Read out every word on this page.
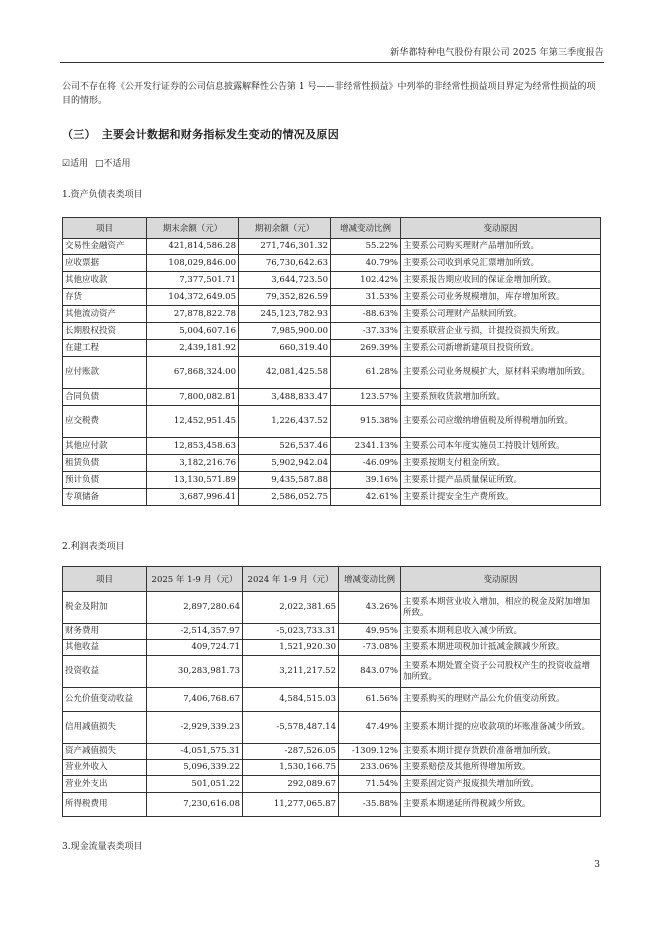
新华都特种电气股份有限公司 2025 年第三季度报告
公司不存在将《公开发行证券的公司信息披露解释性公告第 1 号——非经常性损益》中列举的非经常性损益项目界定为经常性损益的项目的情形。
（三）　主要会计数据和财务指标发生变动的情况及原因
☑适用 □不适用
1.资产负债表类项目
项目	期末余额（元）	期初余额（元）	增减变动比例	变动原因
交易性金融资产	421,814,586.28	271,746,301.32	55.22%	主要系公司购买理财产品增加所致。
应收票据	108,029,846.00	76,730,642.63	40.79%	主要系公司收到承兑汇票增加所致。
其他应收款	7,377,501.71	3,644,723.50	102.42%	主要系报告期应收回的保证金增加所致。
存货	104,372,649.05	79,352,826.59	31.53%	主要系公司业务规模增加，库存增加所致。
其他流动资产	27,878,822.78	245,123,782.93	-88.63%	主要系公司理财产品赎回所致。
长期股权投资	5,004,607.16	7,985,900.00	-37.33%	主要系联营企业亏损，计提投资损失所致。
在建工程	2,439,181.92	660,319.40	269.39%	主要系公司新增新建项目投资所致。
应付账款	67,868,324.00	42,081,425.58	61.28%	主要系公司业务规模扩大，原材料采购增加所致。
合同负债	7,800,082.81	3,488,833.47	123.57%	主要系预收货款增加所致。
应交税费	12,452,951.45	1,226,437.52	915.38%	主要系公司应缴纳增值税及所得税增加所致。
其他应付款	12,853,458.63	526,537.46	2341.13%	主要系公司本年度实施员工持股计划所致。
租赁负债	3,182,216.76	5,902,942.04	-46.09%	主要系按期支付租金所致。
预计负债	13,130,571.89	9,435,587.88	39.16%	主要系计提产品质量保证所致。
专项储备	3,687,996.41	2,586,052.75	42.61%	主要系计提安全生产费所致。
2.利润表类项目
项目	2025 年 1-9 月（元）	2024 年 1-9 月（元）	增减变动比例	变动原因
税金及附加	2,897,280.64	2,022,381.65	43.26%	主要系本期营业收入增加，相应的税金及附加增加所致。
财务费用	-2,514,357.97	-5,023,733.31	49.95%	主要系本期利息收入减少所致。
其他收益	409,724.71	1,521,920.30	-73.08%	主要系本期进项税加计抵减金额减少所致。
投资收益	30,283,981.73	3,211,217.52	843.07%	主要系本期处置全资子公司股权产生的投资收益增加所致。
公允价值变动收益	7,406,768.67	4,584,515.03	61.56%	主要系购买的理财产品公允价值变动所致。
信用减值损失	-2,929,339.23	-5,578,487.14	47.49%	主要系本期计提的应收款项的坏账准备减少所致。
资产减值损失	-4,051,575.31	-287,526.05	-1309.12%	主要系本期计提存货跌价准备增加所致。
营业外收入	5,096,339.22	1,530,166.75	233.06%	主要系赔偿及其他所得增加所致。
营业外支出	501,051.22	292,089.67	71.54%	主要系固定资产报废损失增加所致。
所得税费用	7,230,616.08	11,277,065.87	-35.88%	主要系本期递延所得税减少所致。
3.现金流量表类项目
3
